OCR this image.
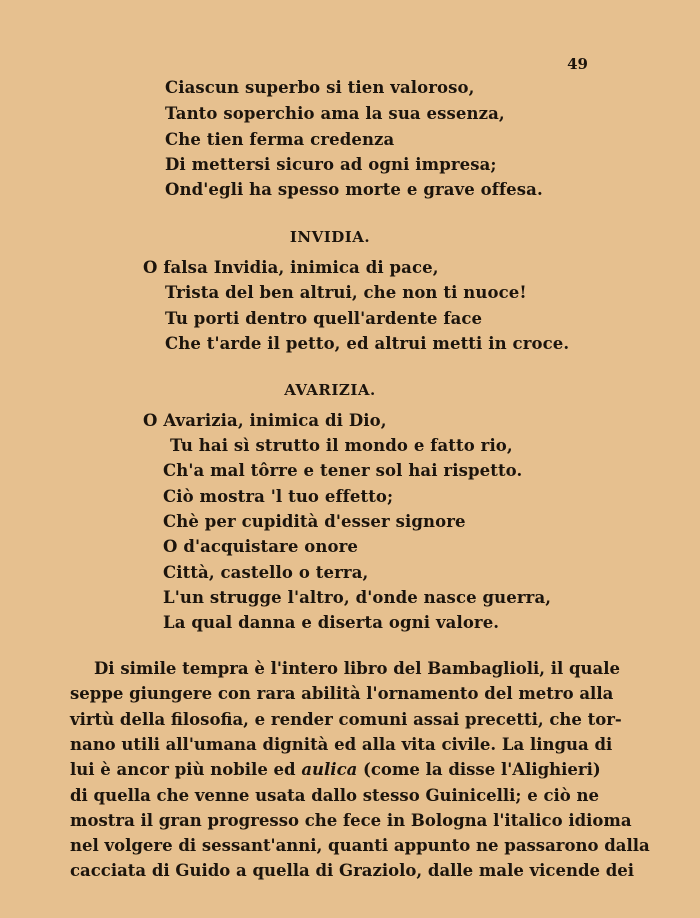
49
Ciascun superbo si tien valoroso,
Tanto soperchio ama la sua essenza,
Che tien ferma credenza
Di mettersi sicuro ad ogni impresa;
Ond'egli ha spesso morte e grave offesa.
INVIDIA.
O falsa Invidia, inimica di pace,
Trista del ben altrui, che non ti nuoce!
Tu porti dentro quell'ardente face
Che t'arde il petto, ed altrui metti in croce.
AVARIZIA.
O Avarizia, inimica di Dio,
Tu hai sì strutto il mondo e fatto rio,
Ch'a mal tôrre e tener sol hai rispetto.
Ciò mostra 'l tuo effetto;
Chè per cupidità d'esser signore
O d'acquistare onore
Città, castello o terra,
L'un strugge l'altro, d'onde nasce guerra,
La qual danna e diserta ogni valore.
Di simile tempra è l'intero libro del Bambaglioli, il quale
seppe giungere con rara abilità l'ornamento del metro alla
virtù della filosofia, e render comuni assai precetti, che tor-
nano utili all'umana dignità ed alla vita civile. La lingua di
lui è ancor più nobile ed aulica (come la disse l'Alighieri)
di quella che venne usata dallo stesso Guinicelli; e ciò ne
mostra il gran progresso che fece in Bologna l'italico idioma
nel volgere di sessant'anni, quanti appunto ne passarono dalla
cacciata di Guido a quella di Graziolo, dalle male vicende dei
